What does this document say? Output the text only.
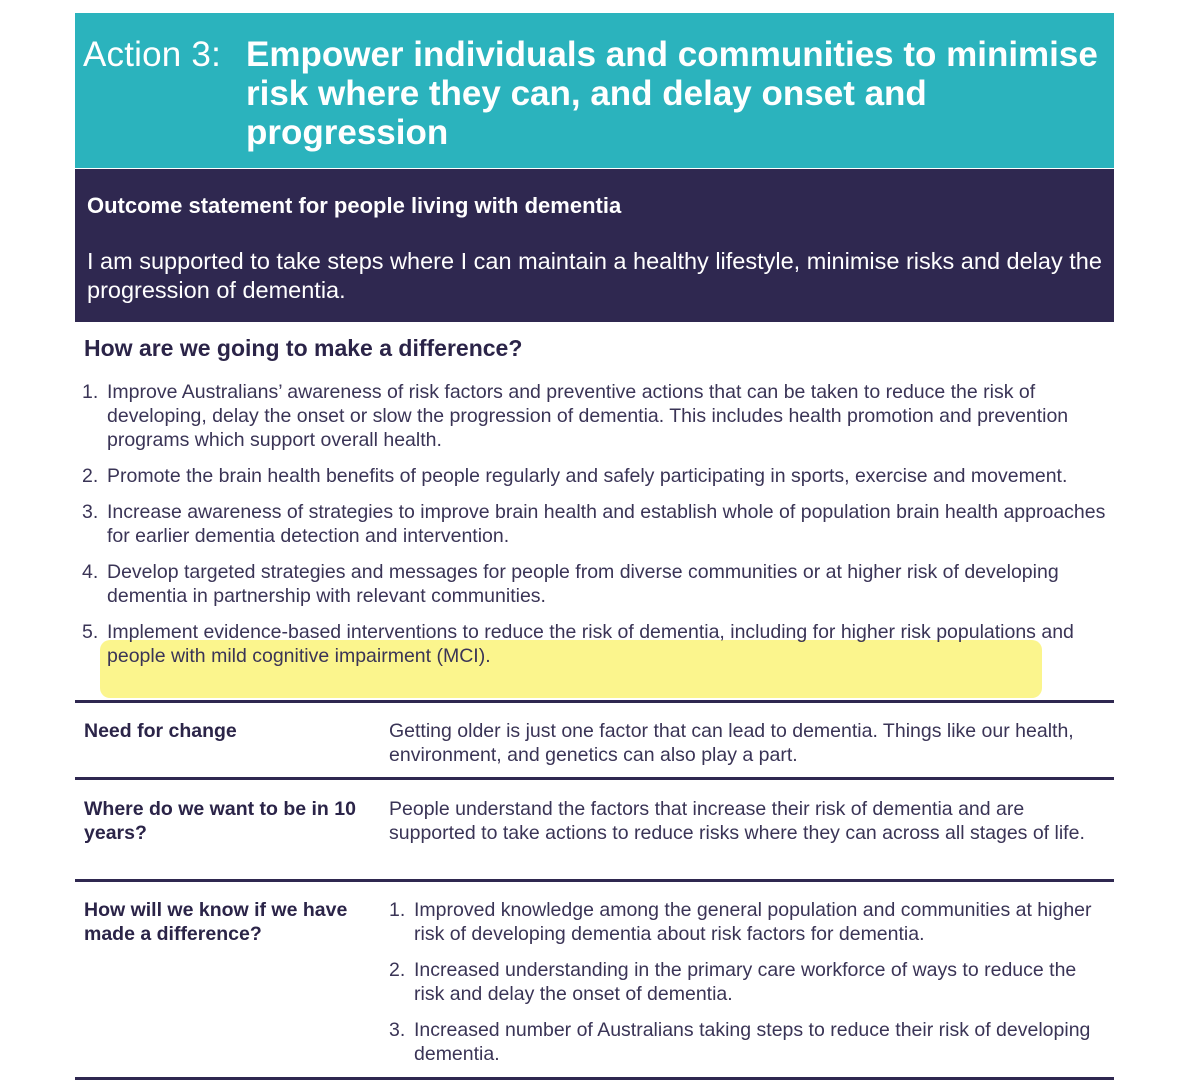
Action 3: Empower individuals and communities to minimise risk where they can, and delay onset and progression
Outcome statement for people living with dementia
I am supported to take steps where I can maintain a healthy lifestyle, minimise risks and delay the progression of dementia.
How are we going to make a difference?
1. Improve Australians’ awareness of risk factors and preventive actions that can be taken to reduce the risk of developing, delay the onset or slow the progression of dementia. This includes health promotion and prevention programs which support overall health.
2. Promote the brain health benefits of people regularly and safely participating in sports, exercise and movement.
3. Increase awareness of strategies to improve brain health and establish whole of population brain health approaches for earlier dementia detection and intervention.
4. Develop targeted strategies and messages for people from diverse communities or at higher risk of developing dementia in partnership with relevant communities.
5. Implement evidence-based interventions to reduce the risk of dementia, including for higher risk populations and people with mild cognitive impairment (MCI).
Need for change	Getting older is just one factor that can lead to dementia. Things like our health, environment, and genetics can also play a part.
Where do we want to be in 10 years?
People understand the factors that increase their risk of dementia and are supported to take actions to reduce risks where they can across all stages of life.
How will we know if we have made a difference?
1. Improved knowledge among the general population and communities at higher risk of developing dementia about risk factors for dementia.
2. Increased understanding in the primary care workforce of ways to reduce the risk and delay the onset of dementia.
3. Increased number of Australians taking steps to reduce their risk of developing dementia.
